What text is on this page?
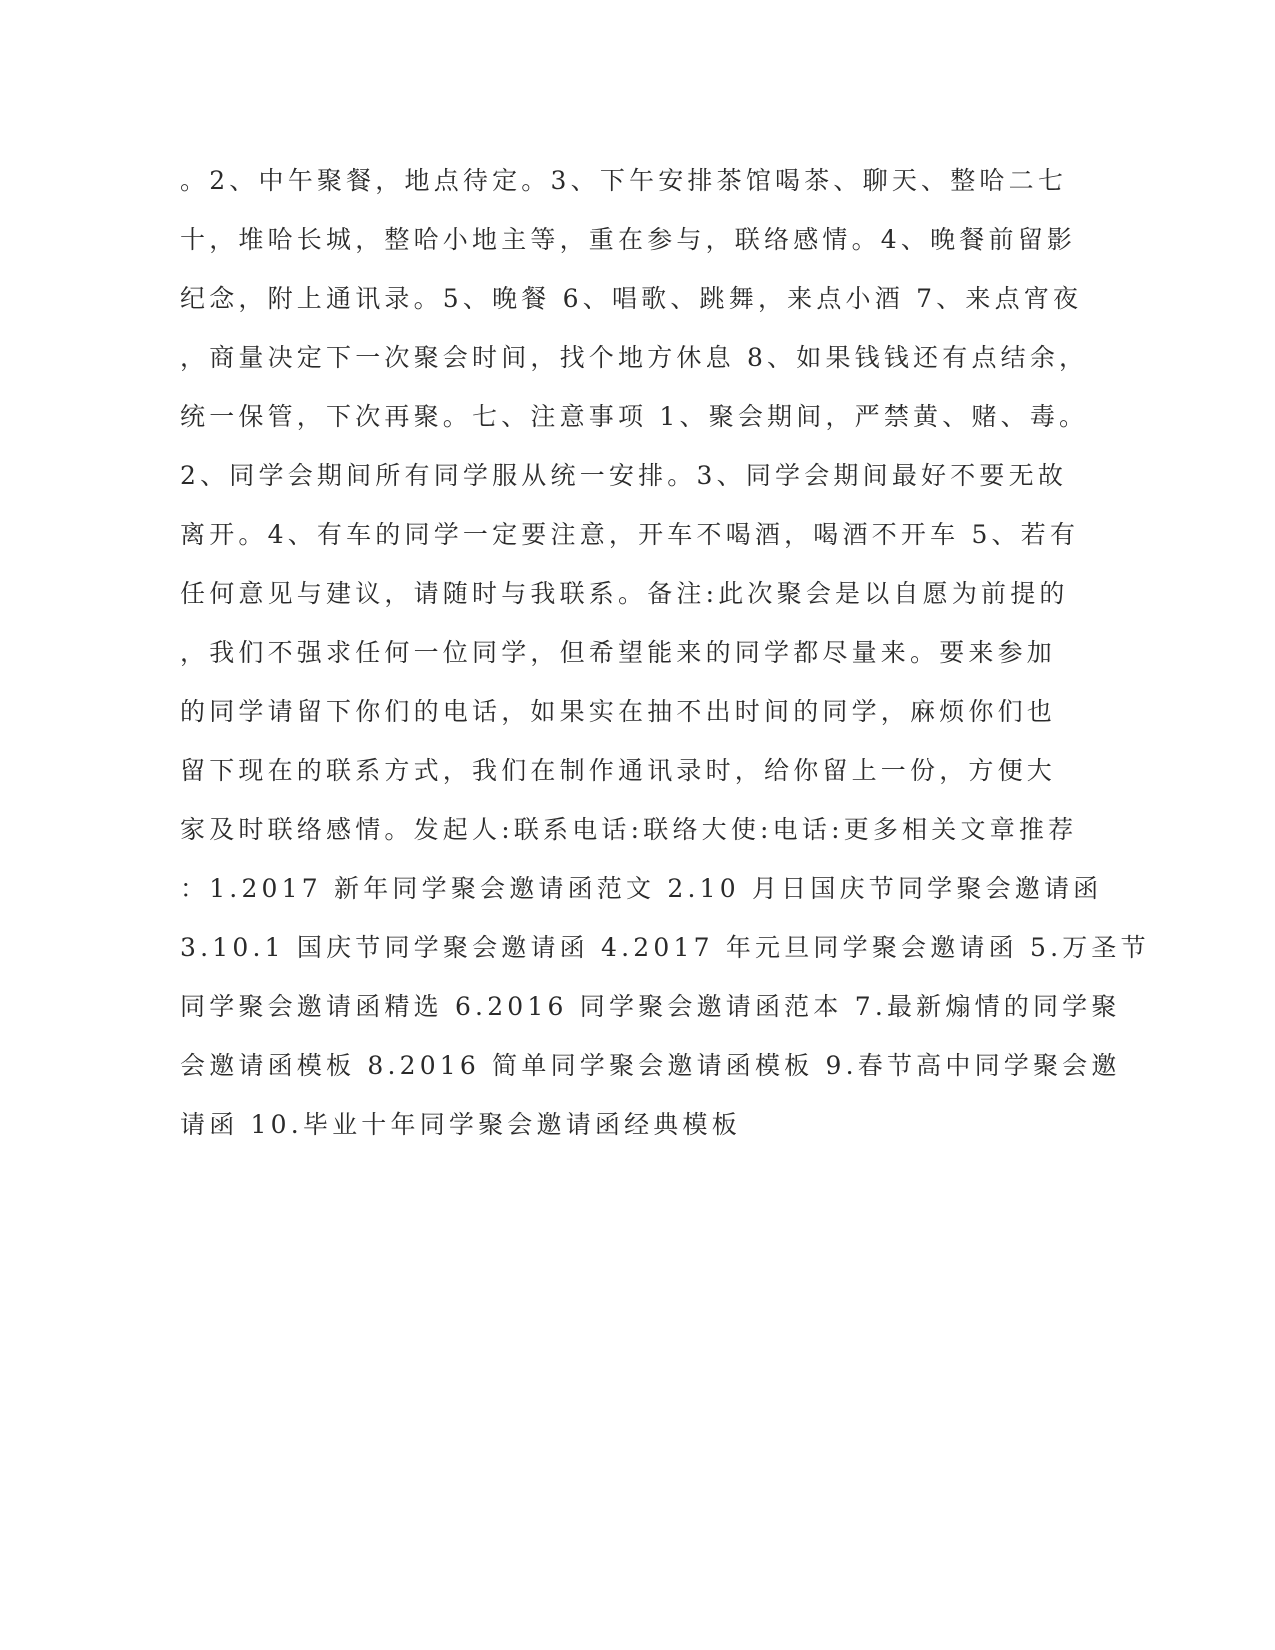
。2、中午聚餐，地点待定。3、下午安排茶馆喝茶、聊天、整哈二七
十，堆哈长城，整哈小地主等，重在参与，联络感情。4、晚餐前留影
纪念，附上通讯录。5、晚餐 6、唱歌、跳舞，来点小酒 7、来点宵夜
，商量决定下一次聚会时间，找个地方休息 8、如果钱钱还有点结余，
统一保管，下次再聚。七、注意事项 1、聚会期间，严禁黄、赌、毒。
2、同学会期间所有同学服从统一安排。3、同学会期间最好不要无故
离开。4、有车的同学一定要注意，开车不喝酒，喝酒不开车 5、若有
任何意见与建议，请随时与我联系。备注:此次聚会是以自愿为前提的
，我们不强求任何一位同学，但希望能来的同学都尽量来。要来参加
的同学请留下你们的电话，如果实在抽不出时间的同学，麻烦你们也
留下现在的联系方式，我们在制作通讯录时，给你留上一份，方便大
家及时联络感情。发起人:联系电话:联络大使:电话:更多相关文章推荐
：1.2017 新年同学聚会邀请函范文 2.10 月日国庆节同学聚会邀请函
3.10.1 国庆节同学聚会邀请函 4.2017 年元旦同学聚会邀请函 5.万圣节
同学聚会邀请函精选 6.2016 同学聚会邀请函范本 7.最新煽情的同学聚
会邀请函模板 8.2016 简单同学聚会邀请函模板 9.春节高中同学聚会邀
请函 10.毕业十年同学聚会邀请函经典模板
